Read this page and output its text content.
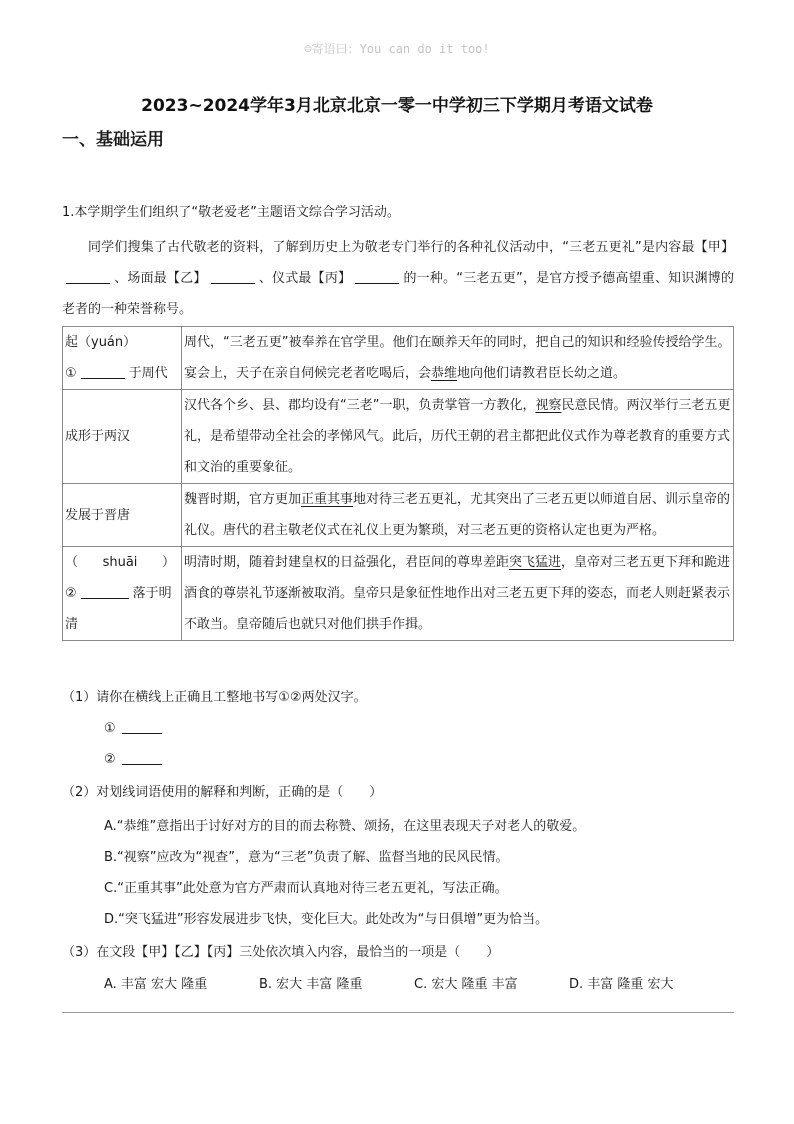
☺寄语曰：You can do it too!
2023~2024学年3月北京北京一零一中学初三下学期月考语文试卷
一、基础运用
1.本学期学生们组织了“敬老爱老”主题语文综合学习活动。
同学们搜集了古代敬老的资料，了解到历史上为敬老专门举行的各种礼仪活动中，“三老五更礼”是内容最【甲】、场面最【乙】	、仪式最【丙】	的一种。“三老五更”，是官方授予德高望重、知识渊博的老者的一种荣誉称号。
起（yuán）
① 于周代	周代，“三老五更”被奉养在官学里。他们在颐养天年的同时，把自己的知识和经验传授给学生。宴会上，天子在亲自伺候完老者吃喝后，会恭维地向他们请教君臣长幼之道。
成形于两汉	汉代各个乡、县、郡均设有“三老”一职，负责掌管一方教化，视察民意民情。两汉举行三老五更礼，是希望带动全社会的孝悌风气。此后，历代王朝的君主都把此仪式作为尊老教育的重要方式和文治的重要象征。
发展于晋唐	魏晋时期，官方更加正重其事地对待三老五更礼，尤其突出了三老五更以师道自居、训示皇帝的礼仪。唐代的君主敬老仪式在礼仪上更为繁琐，对三老五更的资格认定也更为严格。

（ shuāi ）
② 落于明
清	明清时期，随着封建皇权的日益强化，君臣间的尊卑差距突飞猛进，皇帝对三老五更下拜和跪进酒食的尊崇礼节逐渐被取消。皇帝只是象征性地作出对三老五更下拜的姿态，而老人则赶紧表示不敢当。皇帝随后也就只对他们拱手作揖。
（1）请你在横线上正确且工整地书写①②两处汉字。
①
②
（2）对划线词语使用的解释和判断，正确的是（　　）
A.“恭维”意指出于讨好对方的目的而去称赞、颂扬，在这里表现天子对老人的敬爱。
B.“视察”应改为“视查”，意为“三老”负责了解、监督当地的民风民情。
C.“正重其事”此处意为官方严肃而认真地对待三老五更礼，写法正确。
D.“突飞猛进”形容发展进步飞快，变化巨大。此处改为“与日俱增”更为恰当。
（3）在文段【甲】【乙】【丙】三处依次填入内容，最恰当的一项是（　　）
A. 丰富 宏大 隆重	B. 宏大 丰富 隆重	C. 宏大 隆重 丰富	D. 丰富 隆重 宏大
